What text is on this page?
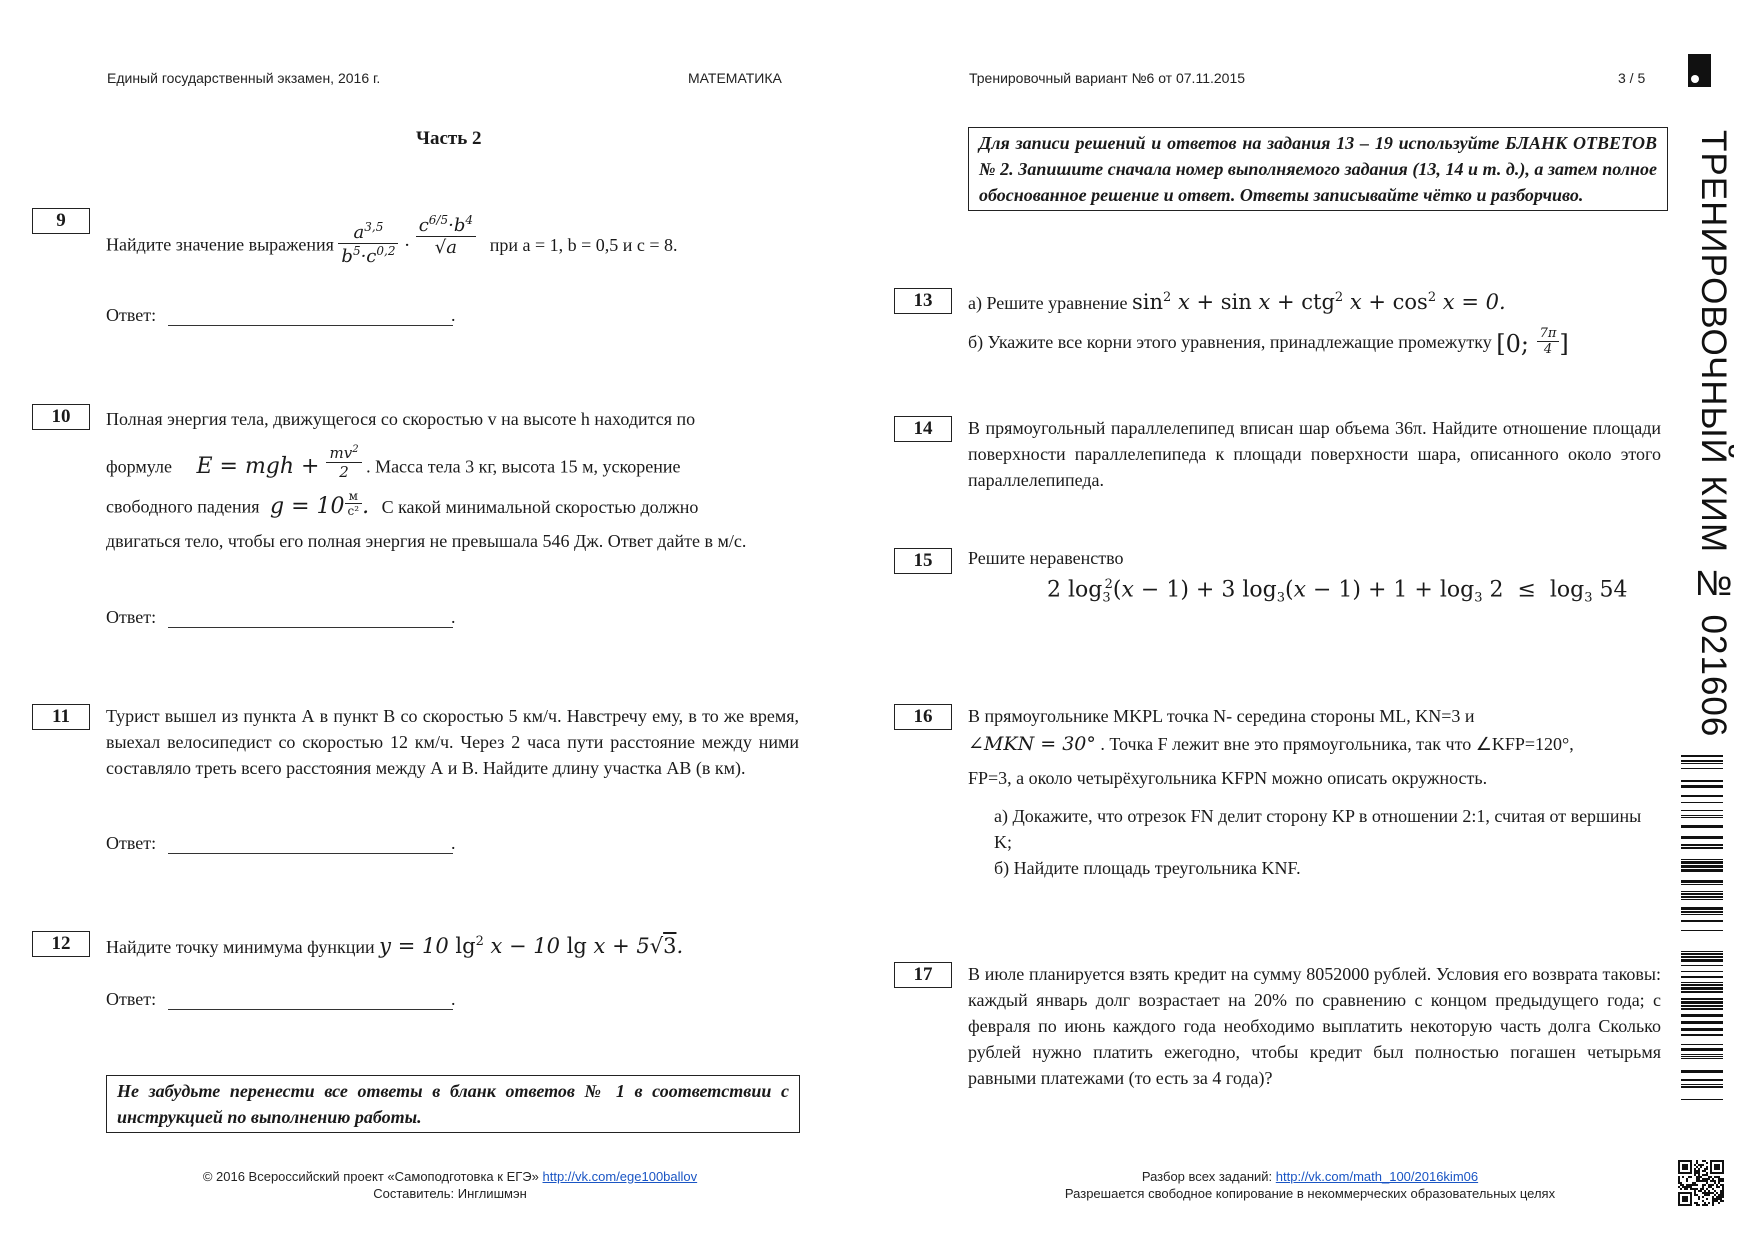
Единый государственный экзамен, 2016 г.	МАТЕМАТИКА	Тренировочный вариант №6 от 07.11.2015	3 / 5
Часть 2
9
Найдите значение выражения $\frac{a^{3,5}}{b^5\cdot c^{0,2}} \cdot \frac{c^{6/5}\cdot b^4}{√a}$ при a = 1, b = 0,5 и c = 8.
Ответ:	.
10	Полная энергия тела, движущегося со скоростью v на высоте h находится по
формуле E = mgh + $\frac{mv^2}{2}$ . Масса тела 3 кг, высота 15 м, ускорение
свободного падения $g = 10 \frac{м}{\text{c²}}$ . С какой минимальной скоростью должно
двигаться тело, чтобы его полная энергия не превышала 546 Дж. Ответ дайте в м/с.
Ответ:	.
11	Турист вышел из пункта А в пункт В со скоростью 5 км/ч. Навстречу ему, в то же время, выехал велосипедист со скоростью 12 км/ч. Через 2 часа пути расстояние между ними составляло треть всего расстояния между А и В. Найдите длину участка АВ (в км).
Ответ:	.
12	Найдите точку минимума функции y = 10 $\lg^2 x - 10$ lg x + 5√3.
Ответ:	.
Не забудьте перенести все ответы в бланк ответов № 1 в соответствии с инструкцией по выполнению работы.
Для записи решений и ответов на задания 13 – 19 используйте БЛАНК ОТВЕТОВ № 2. Запишите сначала номер выполняемого задания (13, 14 и т. д.), а затем полное обоснованное решение и ответ. Ответы записывайте чётко и разборчиво.
13	а) Решите уравнение $\sin^2 x + \sin x + ctg^2$ $x + \cos^2 x = 0$.
б) Укажите все корни этого уравнения, принадлежащие промежутку [0; $\frac{7\pi}{4}$ ]
14	В прямоугольный параллелепипед вписан шар объема 36π. Найдите отношение площади поверхности параллелепипеда к площади поверхности шара, описанного около этого параллелепипеда.
15	Решите неравенство
2 $\log_3^2(x - 1) + 3$ $\log_3(x - 1) + 1 + \log_3 2 \le \log_3 54$
16	В прямоугольнике MKPL точка N- середина стороны ML, KN=3 и
∠MKN = 30° . Точка F лежит вне это прямоугольника, так что ∠KFP=120°,
FP=3, а около четырёхугольника KFPN можно описать окружность.
а) Докажите, что отрезок FN делит сторону KP в отношении 2:1, считая от вершины K;
б) Найдите площадь треугольника KNF.
17	В июле планируется взять кредит на сумму 8052000 рублей. Условия его возврата таковы: каждый январь долг возрастает на 20% по сравнению с концом предыдущего года; с февраля по июнь каждого года необходимо выплатить некоторую часть долга Сколько рублей нужно платить ежегодно, чтобы кредит был полностью погашен четырьмя равными платежами (то есть за 4 года)?
© 2016 Всероссийский проект «Самоподготовка к ЕГЭ» http://vk.com/ege100ballov
Составитель: Инглишмэн
Разбор всех заданий: http://vk.com/math_100/2016kim06
Разрешается свободное копирование в некоммерческих образовательных целях
ТРЕНИРОВОЧНЫЙ КИМ № 021606
